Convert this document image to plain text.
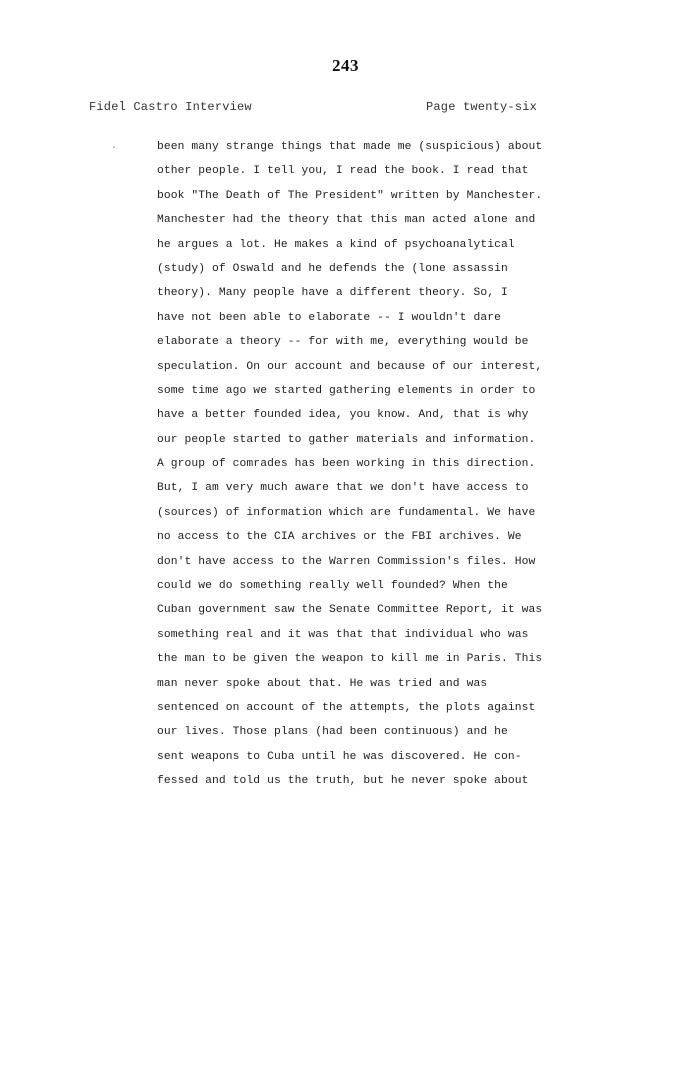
243
Fidel Castro Interview	Page twenty-six
·	been many strange things that made me (suspicious) about
other people. I tell you, I read the book. I read that
book "The Death of The President" written by Manchester.
Manchester had the theory that this man acted alone and
he argues a lot. He makes a kind of psychoanalytical
(study) of Oswald and he defends the (lone assassin
theory). Many people have a different theory. So, I
have not been able to elaborate -- I wouldn't dare
elaborate a theory -- for with me, everything would be
speculation. On our account and because of our interest,
some time ago we started gathering elements in order to
have a better founded idea, you know. And, that is why
our people started to gather materials and information.
A group of comrades has been working in this direction.
But, I am very much aware that we don't have access to
(sources) of information which are fundamental. We have
no access to the CIA archives or the FBI archives. We
don't have access to the Warren Commission's files. How
could we do something really well founded? When the
Cuban government saw the Senate Committee Report, it was
something real and it was that that individual who was
the man to be given the weapon to kill me in Paris. This
man never spoke about that. He was tried and was
sentenced on account of the attempts, the plots against
our lives. Those plans (had been continuous) and he
sent weapons to Cuba until he was discovered. He con-
fessed and told us the truth, but he never spoke about
